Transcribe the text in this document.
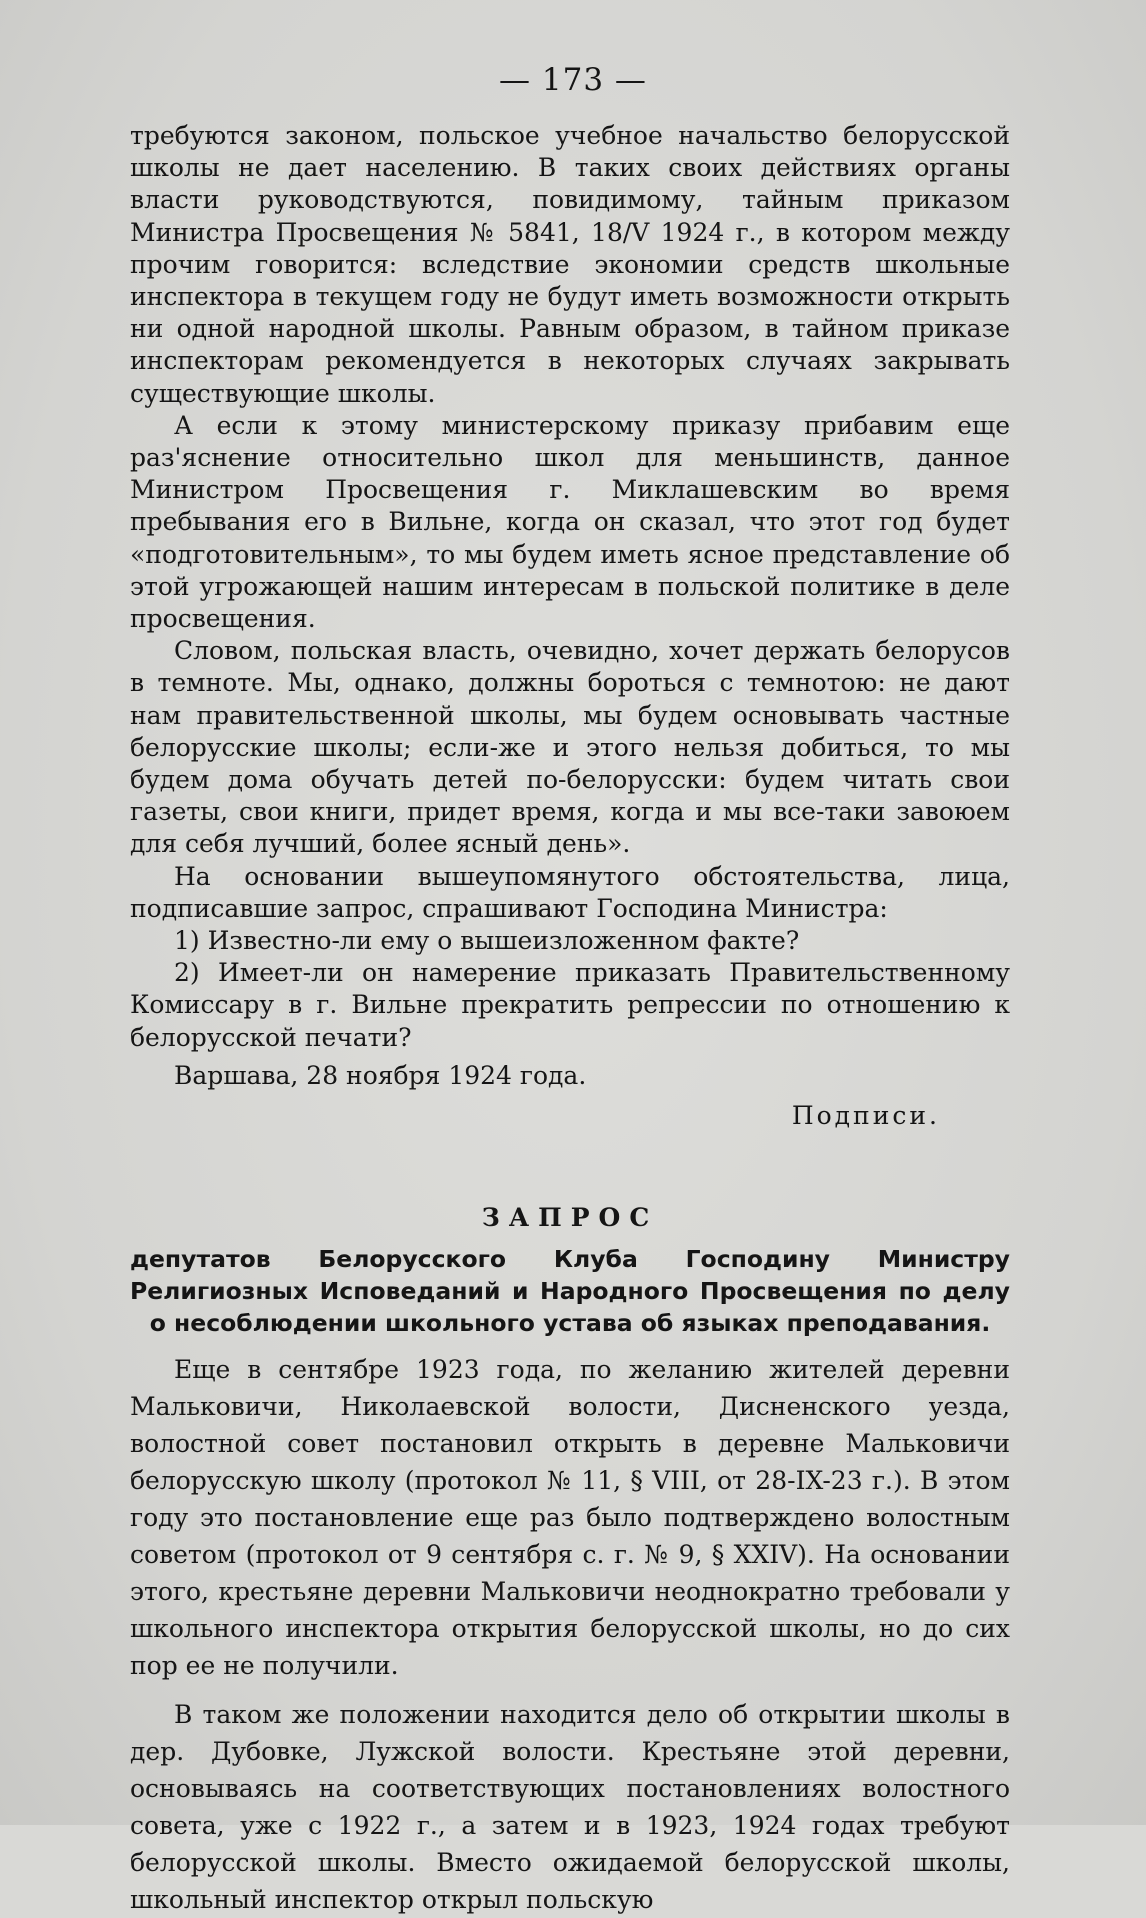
— 173 —

требуются законом, польское учебное начальство белорусской школы не дает населению. В таких своих действиях органы власти руководствуются, повидимому, тайным приказом Министра Просвещения № 5841, 18/V 1924 г., в котором между прочим говорится: вследствие экономии средств школьные инспектора в текущем году не будут иметь возможности открыть ни одной народной школы. Равным образом, в тайном приказе инспекторам рекомендуется в некоторых случаях закрывать существующие школы.

А если к этому министерскому приказу прибавим еще раз'яснение относительно школ для меньшинств, данное Министром Просвещения г. Миклашевским во время пребывания его в Вильне, когда он сказал, что этот год будет «подготовительным», то мы будем иметь ясное представление об этой угрожающей нашим интересам в польской политике в деле просвещения.

Словом, польская власть, очевидно, хочет держать белорусов в темноте. Мы, однако, должны бороться с темнотою: не дают нам правительственной школы, мы будем основывать частные белорусские школы; если-же и этого нельзя добиться, то мы будем дома обучать детей по-белорусски: будем читать свои газеты, свои книги, придет время, когда и мы все-таки завоюем для себя лучший, более ясный день».

На основании вышеупомянутого обстоятельства, лица, подписавшие запрос, спрашивают Господина Министра:

1) Известно-ли ему о вышеизложенном факте?

2) Имеет-ли он намерение приказать Правительственному Комиссару в г. Вильне прекратить репрессии по отношению к белорусской печати?

Варшава, 28 ноября 1924 года.

Подписи.

ЗАПРОС

депутатов Белорусского Клуба Господину Министру Религиозных Исповеданий и Народного Просвещения по делу о несоблюдении школьного устава об языках преподавания.

Еще в сентябре 1923 года, по желанию жителей деревни Мальковичи, Николаевской волости, Дисненского уезда, волостной совет постановил открыть в деревне Мальковичи белорусскую школу (протокол № 11, § VIII, от 28-IX-23 г.). В этом году это постановление еще раз было подтверждено волостным советом (протокол от 9 сентября с. г. № 9, § XXIV). На основании этого, крестьяне деревни Мальковичи неоднократно требовали у школьного инспектора открытия белорусской школы, но до сих пор ее не получили.

В таком же положении находится дело об открытии школы в дер. Дубовке, Лужской волости. Крестьяне этой деревни, основываясь на соответствующих постановлениях волостного совета, уже с 1922 г., а затем и в 1923, 1924 годах требуют белорусской школы. Вместо ожидаемой белорусской школы, школьный инспектор открыл польскую
